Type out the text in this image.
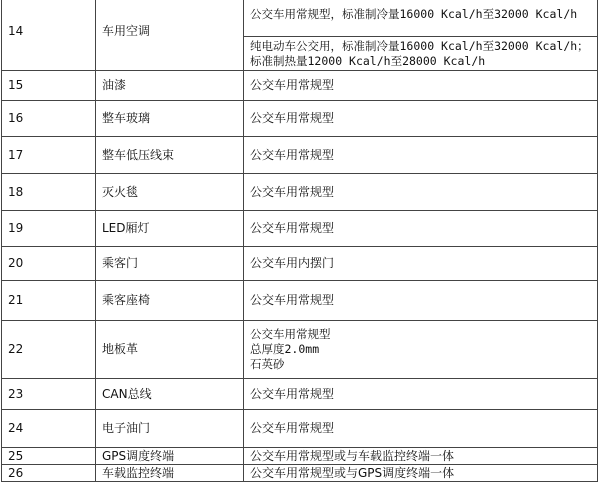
14	车用空调	公交车用常规型，标准制冷量16000 Kcal/h至32000 Kcal/h
		纯电动车公交用，标准制冷量16000 Kcal/h至32000 Kcal/h；标准制热量12000 Kcal/h至28000 Kcal/h
15	油漆	公交车用常规型
16	整车玻璃	公交车用常规型
17	整车低压线束	公交车用常规型
18	灭火毯	公交车用常规型
19	LED厢灯	公交车用常规型
20	乘客门	公交车用内摆门
21	乘客座椅	公交车用常规型
22	地板革	公交车用常规型
总厚度2.0mm
石英砂

23	CAN总线	公交车用常规型
24	电子油门	公交车用常规型
25	GPS调度终端	公交车用常规型或与车载监控终端一体
26	车载监控终端	公交车用常规型或与GPS调度终端一体
